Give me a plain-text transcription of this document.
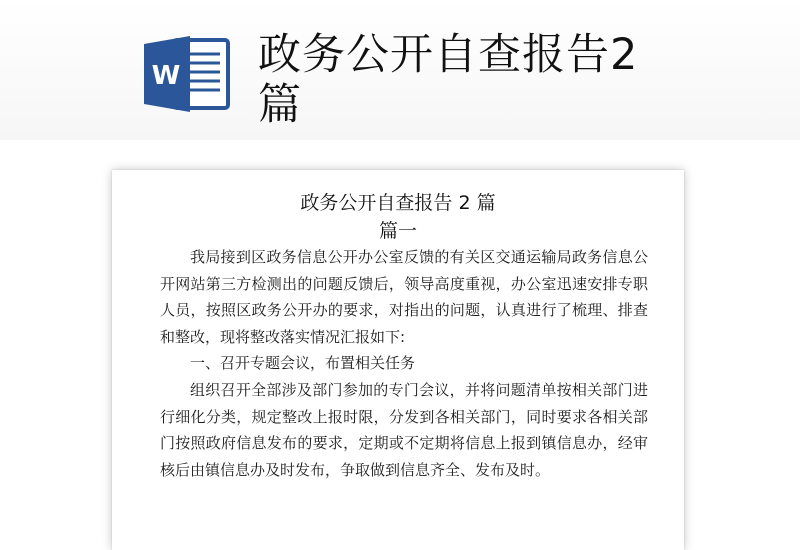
W 政务公开自查报告2篇
政务公开自查报告 2 篇
篇一

我局接到区政务信息公开办公室反馈的有关区交通运输局政务信息公开网站第三方检测出的问题反馈后，领导高度重视，办公室迅速安排专职人员，按照区政务公开办的要求，对指出的问题，认真进行了梳理、排查和整改，现将整改落实情况汇报如下:

一、召开专题会议，布置相关任务

组织召开全部涉及部门参加的专门会议，并将问题清单按相关部门进行细化分类，规定整改上报时限，分发到各相关部门，同时要求各相关部门按照政府信息发布的要求，定期或不定期将信息上报到镇信息办，经审核后由镇信息办及时发布，争取做到信息齐全、发布及时。
